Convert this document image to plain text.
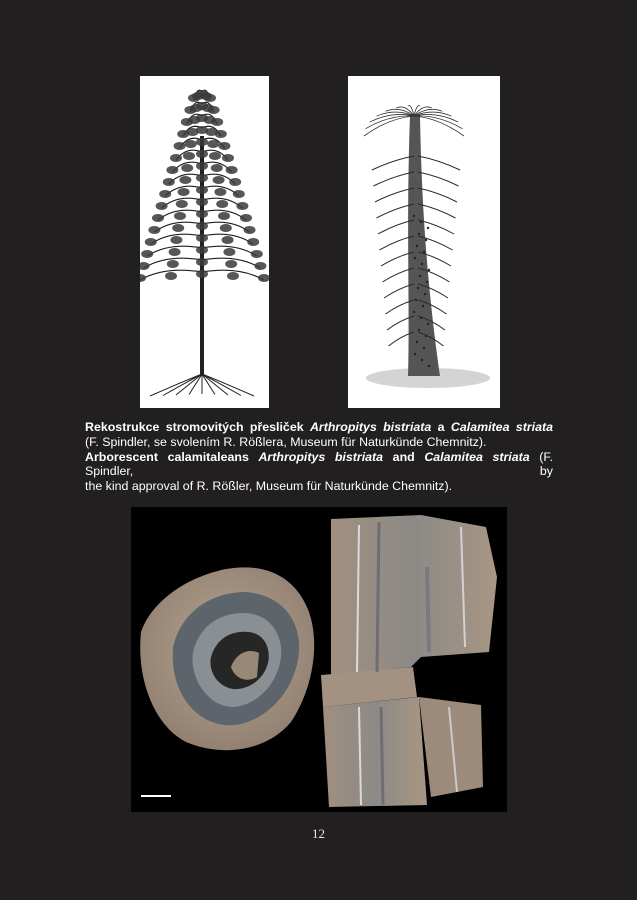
Rekostrukce stromovitých přesliček Arthropitys bistriata a Calamitea striata
(F. Spindler, se svolením R. Rößlera, Museum für Naturkünde Chemnitz).
Arborescent calamitaleans Arthropitys bistriata and Calamitea striata (F. Spindler, by
the kind approval of R. Rößler, Museum für Naturkünde Chemnitz).
12
